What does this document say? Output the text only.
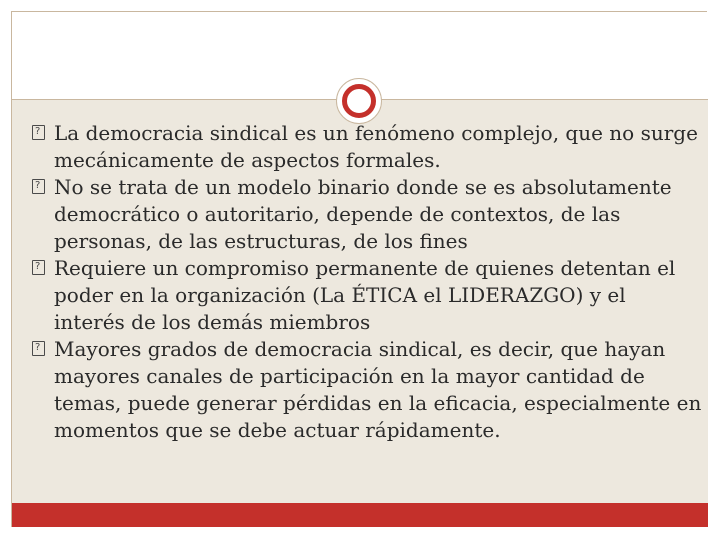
?
La democracia sindical es un fenómeno complejo, que no surge mecánicamente de aspectos formales.
?
No se trata de un modelo binario donde se es absolutamente democrático o autoritario, depende de contextos, de las personas, de las estructuras, de los fines
?
Requiere un compromiso permanente de quienes detentan el poder en la organización (La ÉTICA el LIDERAZGO) y el interés de los demás miembros
?
Mayores grados de democracia sindical, es decir, que hayan mayores canales de participación en la mayor cantidad de temas, puede generar pérdidas en la eficacia, especialmente en momentos que se debe actuar rápidamente.
